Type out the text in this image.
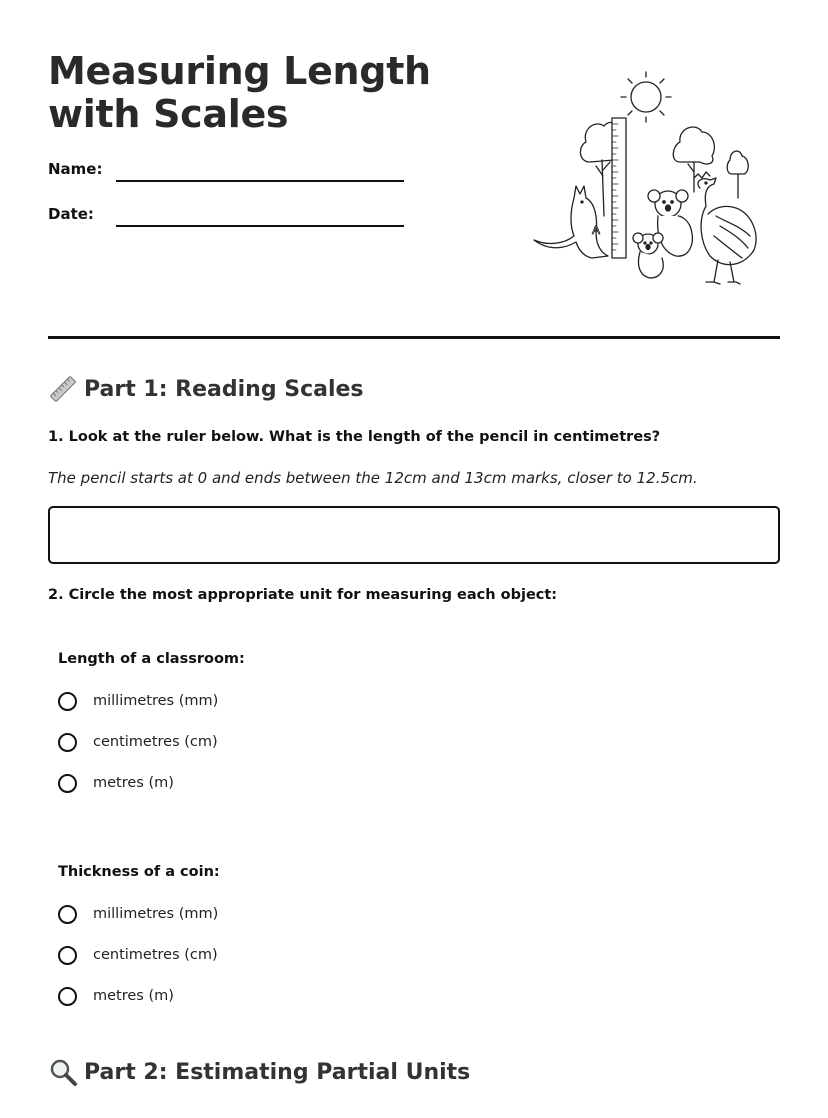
Measuring Length with Scales
Name:
Date:
A
Part 1: Reading Scales
1. Look at the ruler below. What is the length of the pencil in centimetres?
The pencil starts at 0 and ends between the 12cm and 13cm marks, closer to 12.5cm.
2. Circle the most appropriate unit for measuring each object:
Length of a classroom:
millimetres (mm)
centimetres (cm)
metres (m)
Thickness of a coin:
millimetres (mm)
centimetres (cm)
metres (m)
Part 2: Estimating Partial Units
